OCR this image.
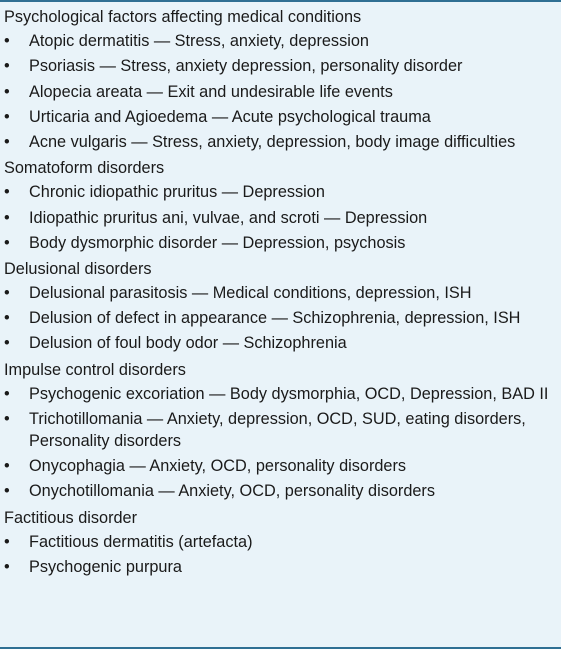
Psychological factors affecting medical conditions
•	Atopic dermatitis — Stress, anxiety, depression
•	Psoriasis — Stress, anxiety depression, personality disorder
•	Alopecia areata — Exit and undesirable life events
•	Urticaria and Agioedema — Acute psychological trauma
•	Acne vulgaris — Stress, anxiety, depression, body image difficulties
Somatoform disorders
•	Chronic idiopathic pruritus — Depression
•	Idiopathic pruritus ani, vulvae, and scroti — Depression
•	Body dysmorphic disorder — Depression, psychosis
Delusional disorders
•	Delusional parasitosis — Medical conditions, depression, ISH
•	Delusion of defect in appearance — Schizophrenia, depression, ISH
•	Delusion of foul body odor — Schizophrenia
Impulse control disorders
•	Psychogenic excoriation — Body dysmorphia, OCD, Depression, BAD II
•	Trichotillomania — Anxiety, depression, OCD, SUD, eating disorders, Personality disorders
•	Onycophagia — Anxiety, OCD, personality disorders
•	Onychotillomania — Anxiety, OCD, personality disorders
Factitious disorder
•	Factitious dermatitis (artefacta)
•	Psychogenic purpura
